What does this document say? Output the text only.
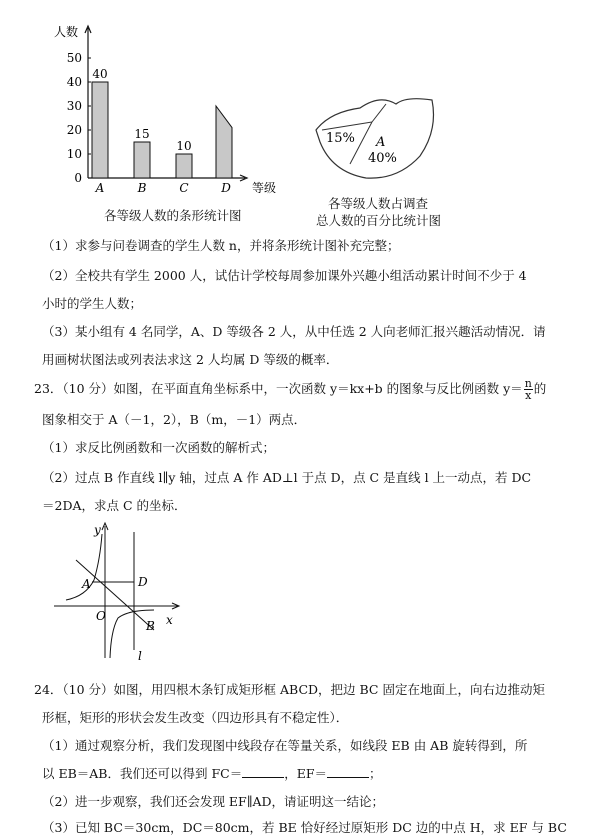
人数
等级
0
10
20
30
40
50
A
40
B
15
C
10
D
各等级人数的条形统计图
15% A
40%
各等级人数占调查
总人数的百分比统计图
（1）求参与问卷调查的学生人数 n，并将条形统计图补充完整；
（2）全校共有学生 2000 人，试估计学校每周参加课外兴趣小组活动累计时间不少于 4
小时的学生人数；
（3）某小组有 4 名同学，A、D 等级各 2 人，从中任选 2 人向老师汇报兴趣活动情况．请
用画树状图法或列表法求这 2 人均属 D 等级的概率．
23．（10 分）如图，在平面直角坐标系中，一次函数 y＝kx+b 的图象与反比例函数 $y= \frac{n}{x}$ 的
图象相交于 A（－1，2），B（m，－1）两点．
（1）求反比例函数和一次函数的解析式；
（2）过点 B 作直线 l∥y 轴，过点 A 作 AD⊥l 于点 D，点 C 是直线 l 上一动点，若 DC
＝2DA，求点 C 的坐标．
y
x
O
A	D
B
l
24．（10 分）如图，用四根木条钉成矩形框 ABCD，把边 BC 固定在地面上，向右边推动矩
形框，矩形的形状会发生改变（四边形具有不稳定性）．
（1）通过观察分析，我们发现图中线段存在等量关系，如线段 EB 由 AB 旋转得到，所
以 EB＝AB．我们还可以得到 FC＝	，EF＝	；
（2）进一步观察，我们还会发现 EF∥AD，请证明这一结论；
（3）已知 BC＝30cm，DC＝80cm，若 BE 恰好经过原矩形 DC 边的中点 H，求 EF 与 BC
